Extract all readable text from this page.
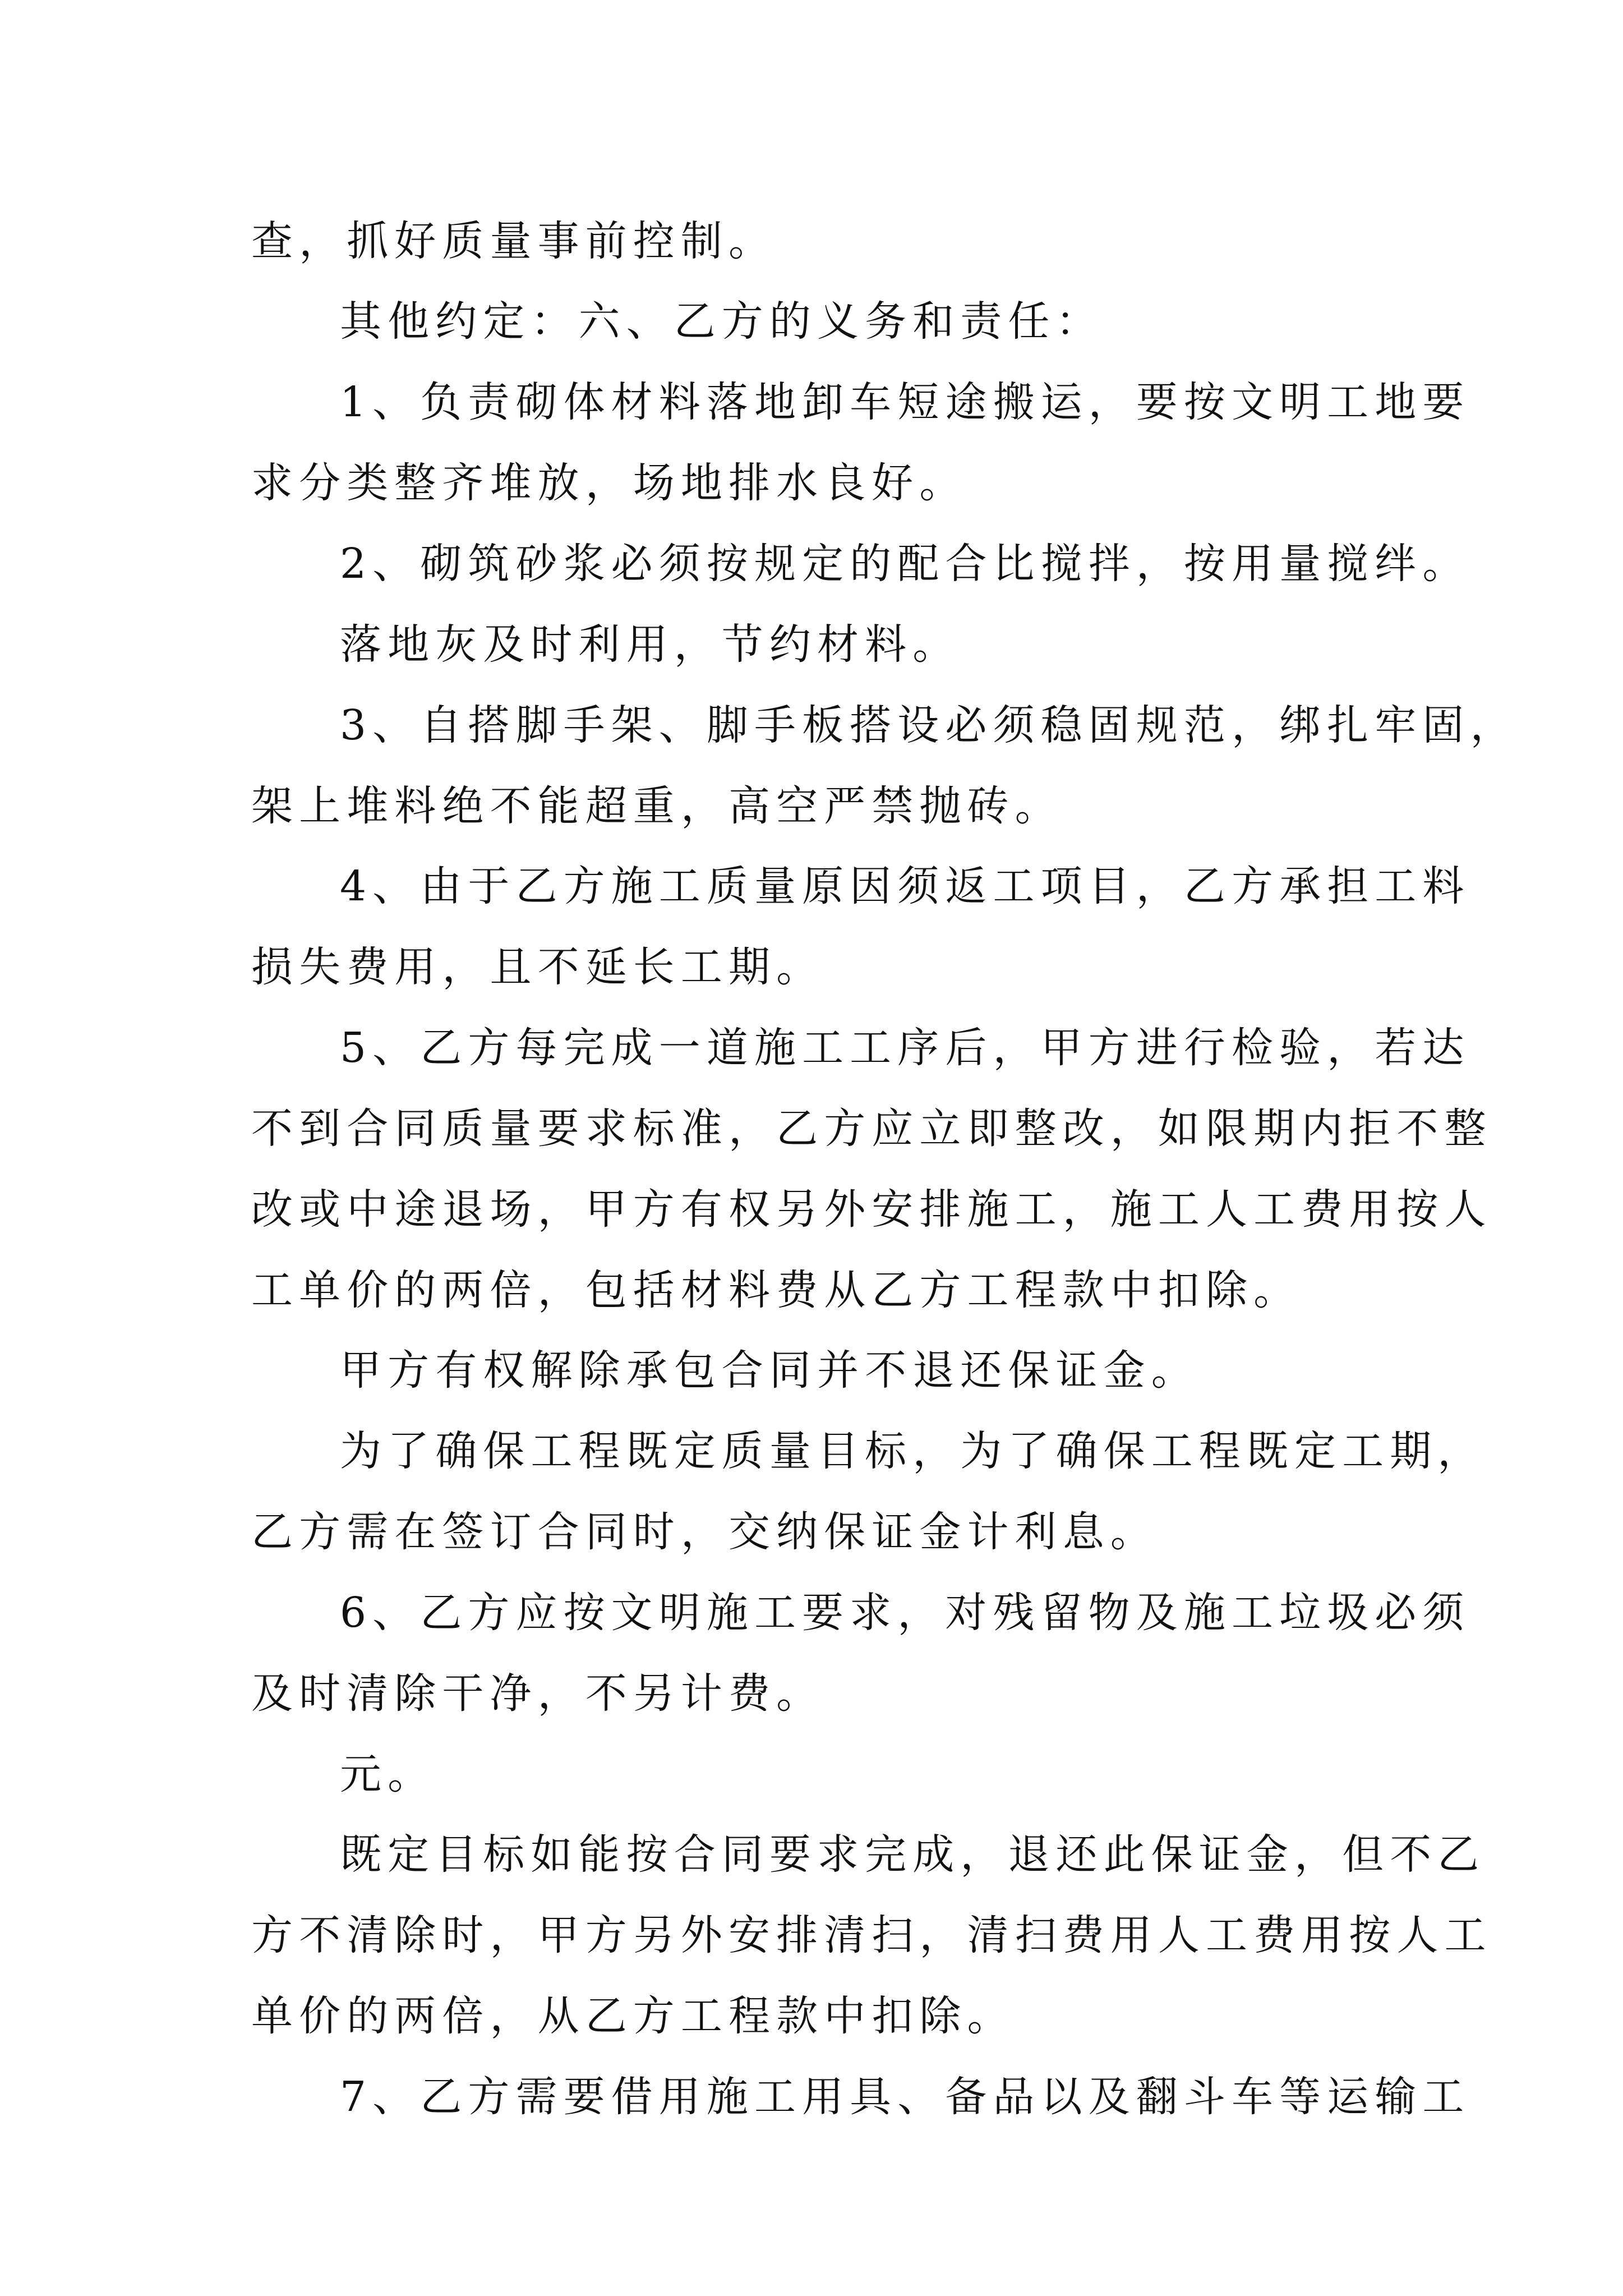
查，抓好质量事前控制。
其他约定：六、乙方的义务和责任：
1、负责砌体材料落地卸车短途搬运，要按文明工地要
求分类整齐堆放，场地排水良好。
2、砌筑砂浆必须按规定的配合比搅拌，按用量搅绊。
落地灰及时利用，节约材料。
3、自搭脚手架、脚手板搭设必须稳固规范，绑扎牢固，
架上堆料绝不能超重，高空严禁抛砖。
4、由于乙方施工质量原因须返工项目，乙方承担工料
损失费用，且不延长工期。
5、乙方每完成一道施工工序后，甲方进行检验，若达
不到合同质量要求标准，乙方应立即整改，如限期内拒不整
改或中途退场，甲方有权另外安排施工，施工人工费用按人
工单价的两倍，包括材料费从乙方工程款中扣除。
甲方有权解除承包合同并不退还保证金。
为了确保工程既定质量目标，为了确保工程既定工期，
乙方需在签订合同时，交纳保证金计利息。
6、乙方应按文明施工要求，对残留物及施工垃圾必须
及时清除干净，不另计费。
元。
既定目标如能按合同要求完成，退还此保证金，但不乙
方不清除时，甲方另外安排清扫，清扫费用人工费用按人工
单价的两倍，从乙方工程款中扣除。
7、乙方需要借用施工用具、备品以及翻斗车等运输工
